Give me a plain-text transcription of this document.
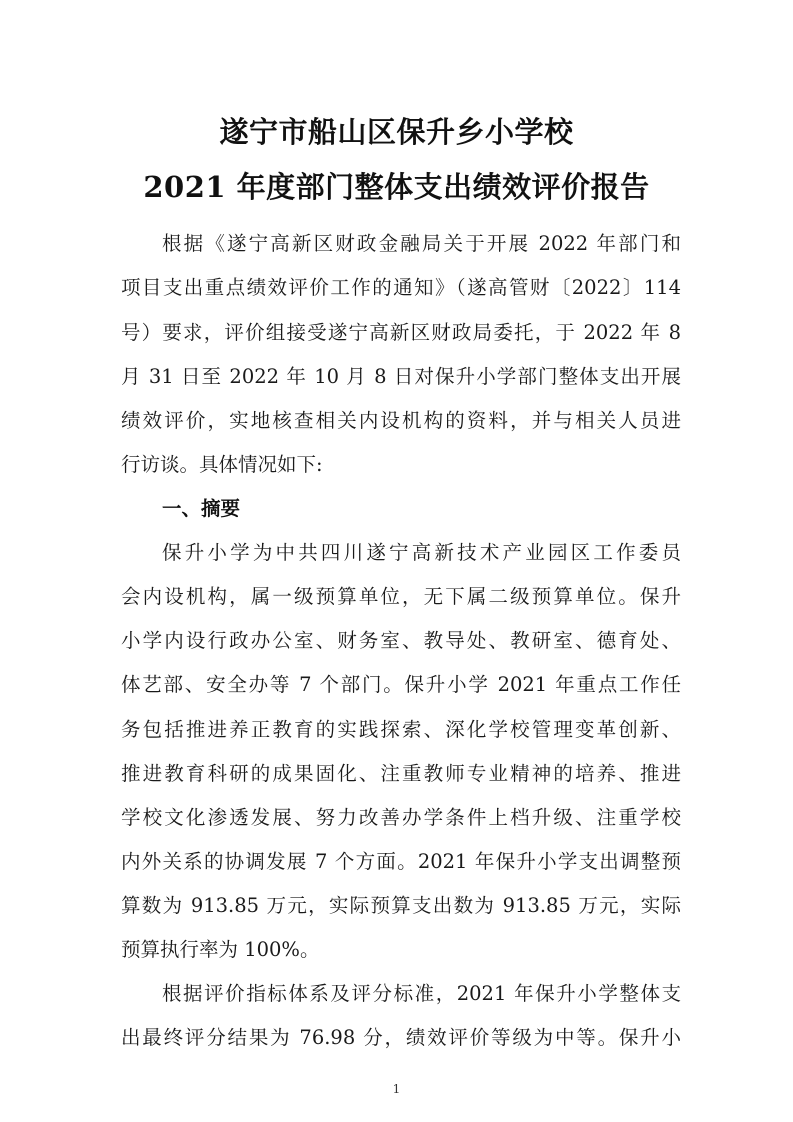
遂宁市船山区保升乡小学校
2021 年度部门整体支出绩效评价报告
根据《遂宁高新区财政金融局关于开展 2022 年部门和
项目支出重点绩效评价工作的通知》（遂高管财〔2022〕114
号）要求，评价组接受遂宁高新区财政局委托，于 2022 年 8
月 31 日至 2022 年 10 月 8 日对保升小学部门整体支出开展
绩效评价，实地核查相关内设机构的资料，并与相关人员进
行访谈。具体情况如下:
一、摘要
保升小学为中共四川遂宁高新技术产业园区工作委员
会内设机构，属一级预算单位，无下属二级预算单位。保升
小学内设行政办公室、财务室、教导处、教研室、德育处、
体艺部、安全办等 7 个部门。保升小学 2021 年重点工作任
务包括推进养正教育的实践探索、深化学校管理变革创新、
推进教育科研的成果固化、注重教师专业精神的培养、推进
学校文化渗透发展、努力改善办学条件上档升级、注重学校
内外关系的协调发展 7 个方面。2021 年保升小学支出调整预
算数为 913.85 万元，实际预算支出数为 913.85 万元，实际
预算执行率为 100%。
根据评价指标体系及评分标准，2021 年保升小学整体支
出最终评分结果为 76.98 分，绩效评价等级为中等。保升小
1
